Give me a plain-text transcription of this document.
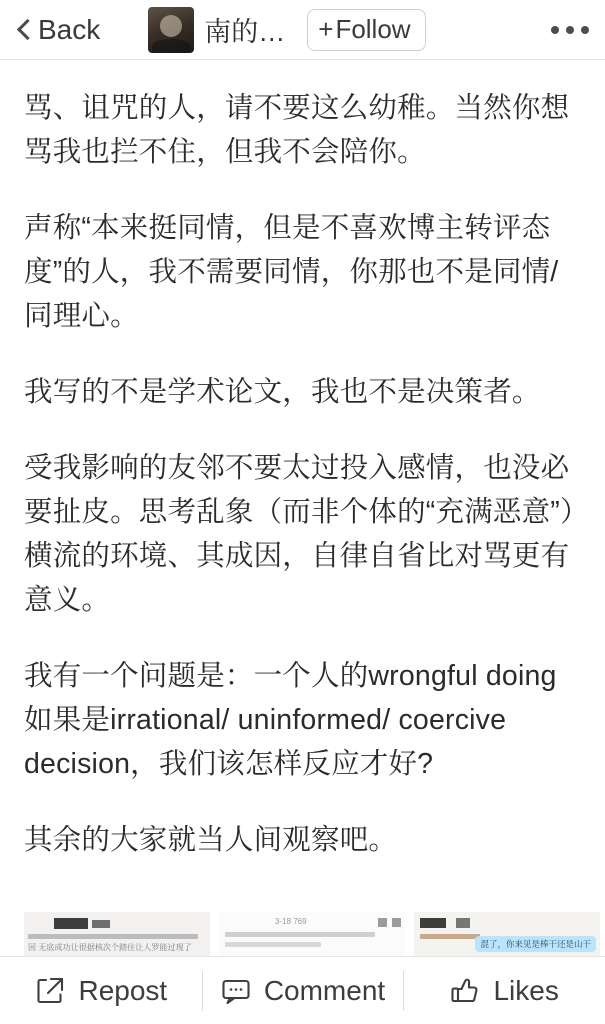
Back	南的… + Follow

骂、诅咒的人，请不要这么幼稚。当然你想骂我也拦不住，但我不会陪你。

声称“本来挺同情，但是不喜欢博主转评态度”的人，我不需要同情，你那也不是同情/同理心。

我写的不是学术论文，我也不是决策者。

受我影响的友邻不要太过投入感情，也没必要扯皮。思考乱象（而非个体的“充满恶意”）横流的环境、其成因，自律自省比对骂更有意义。

我有一个问题是：一个人的wrongful doing如果是irrational/ uninformed/ coercive decision，我们该怎样反应才好?

其余的大家就当人间观察吧。

因 无底成功让很据核次个踏住让人罗能过现了
3-18 769
混了，你来见是棒干还是山干
Repost	Comment	Likes
